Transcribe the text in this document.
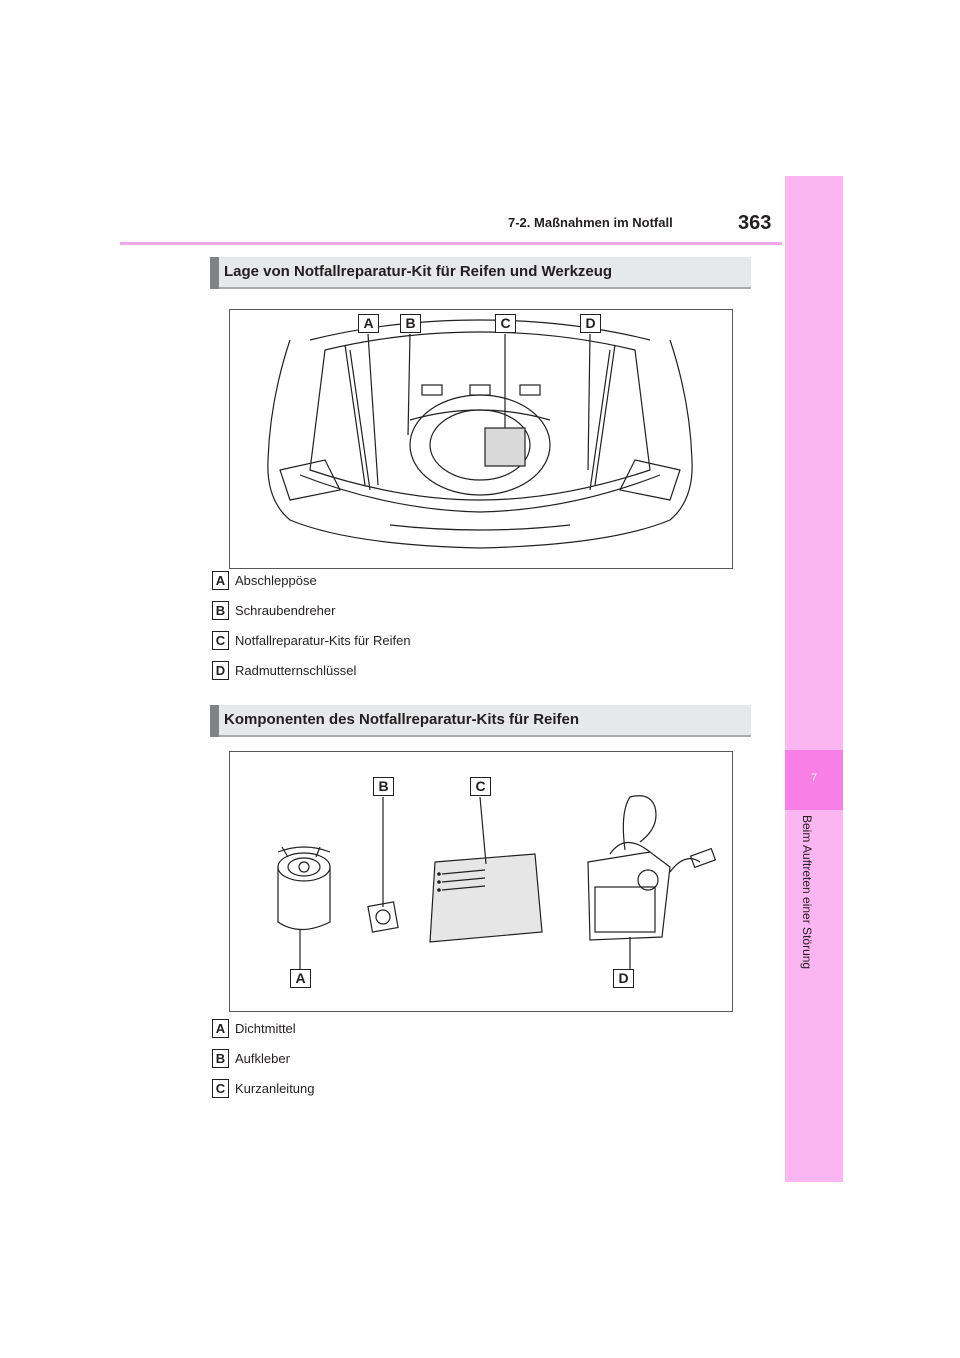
7-2. Maßnahmen im Notfall	363
7
Beim Auftreten einer Störung
Lage von Notfallreparatur-Kit für Reifen und Werkzeug
A	B	C	D
A Abschleppöse
B Schraubendreher
C Notfallreparatur-Kits für Reifen
D Radmutternschlüssel
Komponenten des Notfallreparatur-Kits für Reifen
B	C
A	D
A Dichtmittel
B Aufkleber
C Kurzanleitung
